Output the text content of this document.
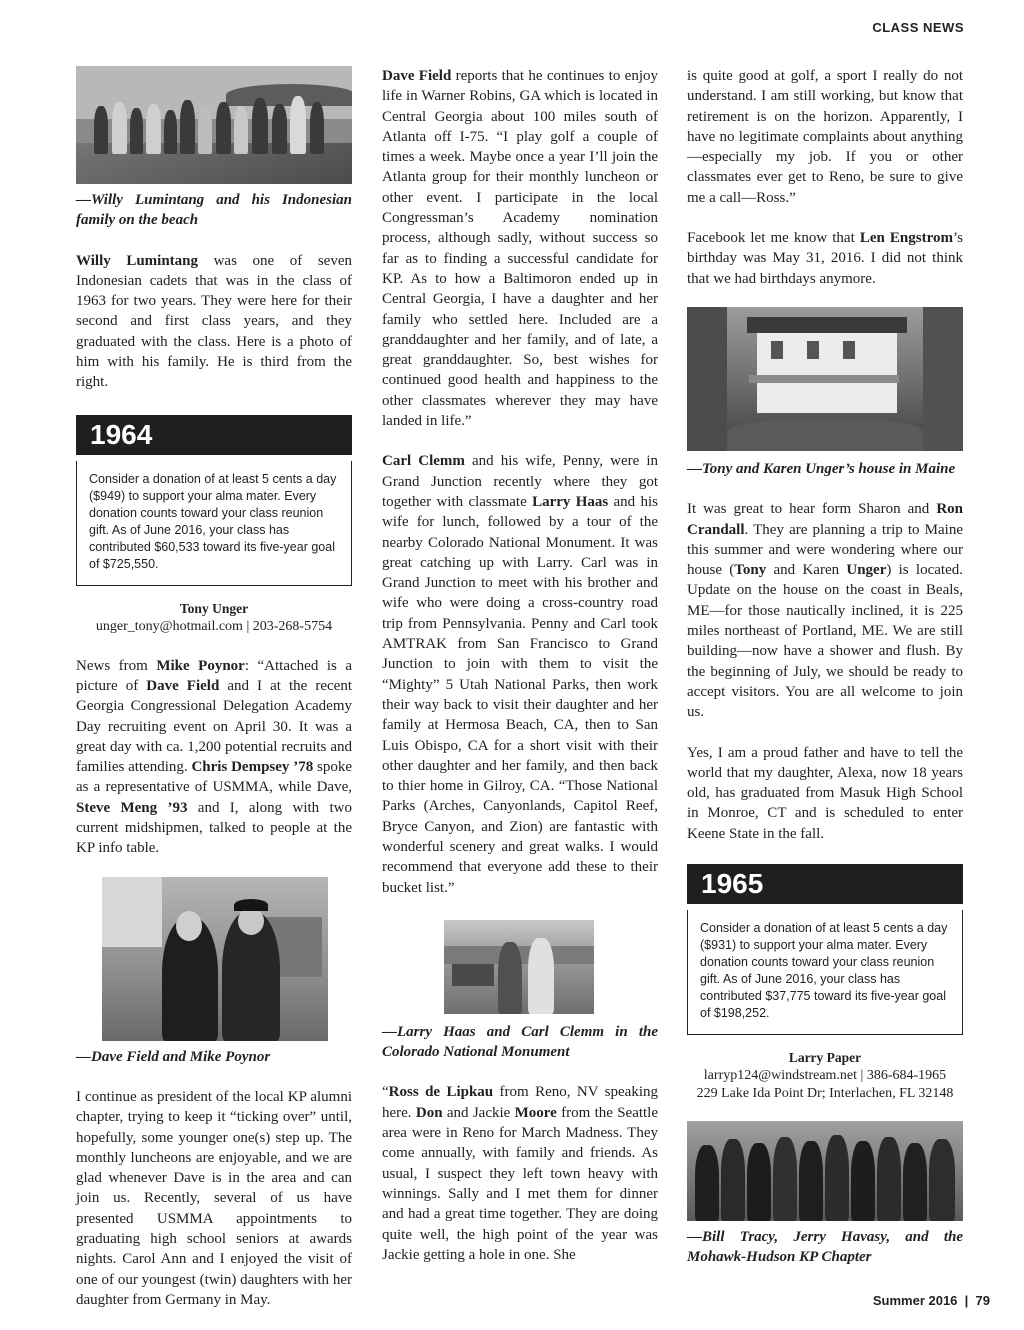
CLASS NEWS

—Willy Lumintang and his Indonesian family on the beach

Willy Lumintang was one of seven Indonesian cadets that was in the class of 1963 for two years. They were here for their second and first class years, and they graduated with the class. Here is a photo of him with his family. He is third from the right.

1964
Consider a donation of at least 5 cents a day ($949) to support your alma mater. Every donation counts toward your class reunion gift. As of June 2016, your class has contributed $60,533 toward its five-year goal of $725,550.
Tony Unger
unger_tony@hotmail.com | 203-268-5754

News from Mike Poynor: “Attached is a picture of Dave Field and I at the recent Georgia Congressional Delegation Academy Day recruiting event on April 30. It was a great day with ca. 1,200 potential recruits and families attending. Chris Dempsey ’78 spoke as a representative of USMMA, while Dave, Steve Meng ’93 and I, along with two current midshipmen, talked to people at the KP info table.

—Dave Field and Mike Poynor

I continue as president of the local KP alumni chapter, trying to keep it “ticking over” until, hopefully, some younger one(s) step up. The monthly luncheons are enjoyable, and we are glad whenever Dave is in the area and can join us. Recently, several of us have presented USMMA appointments to graduating high school seniors at awards nights. Carol Ann and I enjoyed the visit of one of our youngest (twin) daughters with her daughter from Germany in May.

Dave Field reports that he continues to enjoy life in Warner Robins, GA which is located in Central Georgia about 100 miles south of Atlanta off I-75. “I play golf a couple of times a week. Maybe once a year I’ll join the Atlanta group for their monthly luncheon or other event. I participate in the local Congressman’s Academy nomination process, although sadly, without success so far as to finding a successful candidate for KP. As to how a Baltimoron ended up in Central Georgia, I have a daughter and her family who settled here. Included are a granddaughter and her family, and of late, a great granddaughter. So, best wishes for continued good health and happiness to the other classmates wherever they may have landed in life.”

Carl Clemm and his wife, Penny, were in Grand Junction recently where they got together with classmate Larry Haas and his wife for lunch, followed by a tour of the nearby Colorado National Monument. It was great catching up with Larry. Carl was in Grand Junction to meet with his brother and wife who were doing a cross-country road trip from Pennsylvania. Penny and Carl took AMTRAK from San Francisco to Grand Junction to join with them to visit the “Mighty” 5 Utah National Parks, then work their way back to visit their daughter and her family at Hermosa Beach, CA, then to San Luis Obispo, CA for a short visit with their other daughter and her family, and then back to thier home in Gilroy, CA. “Those National Parks (Arches, Canyonlands, Capitol Reef, Bryce Canyon, and Zion) are fantastic with wonderful scenery and great walks. I would recommend that everyone add these to their bucket list.”

—Larry Haas and Carl Clemm in the Colorado National Monument

“Ross de Lipkau from Reno, NV speaking here. Don and Jackie Moore from the Seattle area were in Reno for March Madness. They come annually, with family and friends. As usual, I suspect they left town heavy with winnings. Sally and I met them for dinner and had a great time together. They are doing quite well, the high point of the year was Jackie getting a hole in one. She

is quite good at golf, a sport I really do not understand. I am still working, but know that retirement is on the horizon. Apparently, I have no legitimate complaints about anything—especially my job. If you or other classmates ever get to Reno, be sure to give me a call—Ross.”

Facebook let me know that Len Engstrom’s birthday was May 31, 2016. I did not think that we had birthdays anymore.

—Tony and Karen Unger’s house in Maine

It was great to hear form Sharon and Ron Crandall. They are planning a trip to Maine this summer and were wondering where our house (Tony and Karen Unger) is located. Update on the house on the coast in Beals, ME—for those nautically inclined, it is 225 miles northeast of Portland, ME. We are still building—now have a shower and flush. By the beginning of July, we should be ready to accept visitors. You are all welcome to join us.

Yes, I am a proud father and have to tell the world that my daughter, Alexa, now 18 years old, has graduated from Masuk High School in Monroe, CT and is scheduled to enter Keene State in the fall.

1965
Consider a donation of at least 5 cents a day ($931) to support your alma mater. Every donation counts toward your class reunion gift. As of June 2016, your class has contributed $37,775 toward its five-year goal of $198,252.
Larry Paper
larryp124@windstream.net | 386-684-1965
229 Lake Ida Point Dr; Interlachen, FL 32148

—Bill Tracy, Jerry Havasy, and the Mohawk-Hudson KP Chapter

Summer 2016 | 79
